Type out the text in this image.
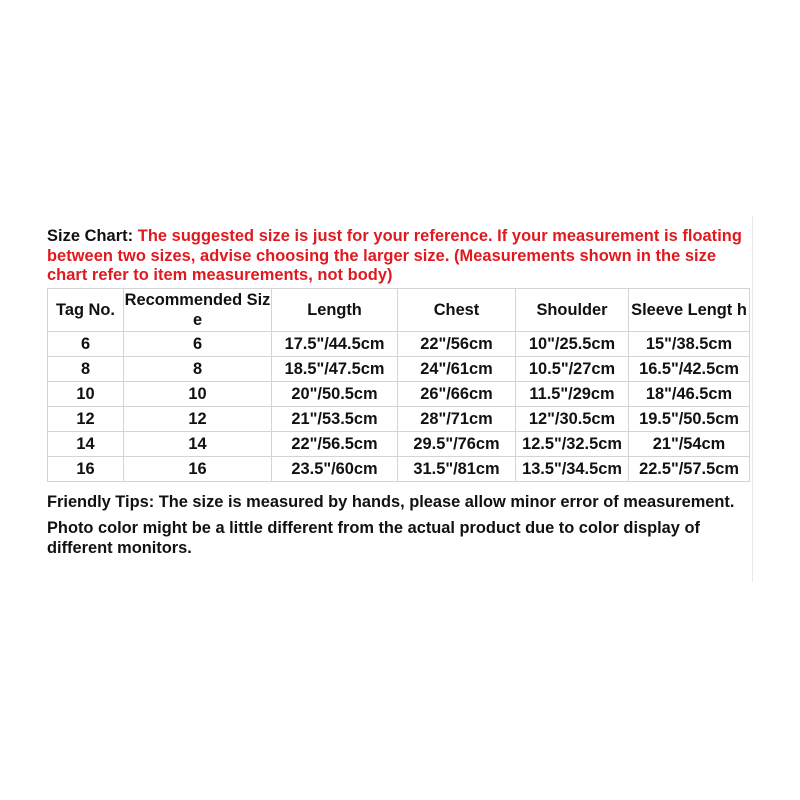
Size Chart: The suggested size is just for your reference. If your measurement is floating between two sizes, advise choosing the larger size. (Measurements shown in the size chart refer to item measurements, not body)

Tag No.	Recommended Size	Length	Chest	Shoulder	Sleeve Lengt h
6	6	17.5"/44.5cm	22"/56cm	10"/25.5cm	15"/38.5cm
8	8	18.5"/47.5cm	24"/61cm	10.5"/27cm	16.5"/42.5cm
10	10	20"/50.5cm	26"/66cm	11.5"/29cm	18"/46.5cm
12	12	21"/53.5cm	28"/71cm	12"/30.5cm	19.5"/50.5cm
14	14	22"/56.5cm	29.5"/76cm	12.5"/32.5cm	21"/54cm
16	16	23.5"/60cm	31.5"/81cm	13.5"/34.5cm	22.5"/57.5cm

Friendly Tips: The size is measured by hands, please allow minor error of measurement.

Photo color might be a little different from the actual product due to color display of different monitors.
